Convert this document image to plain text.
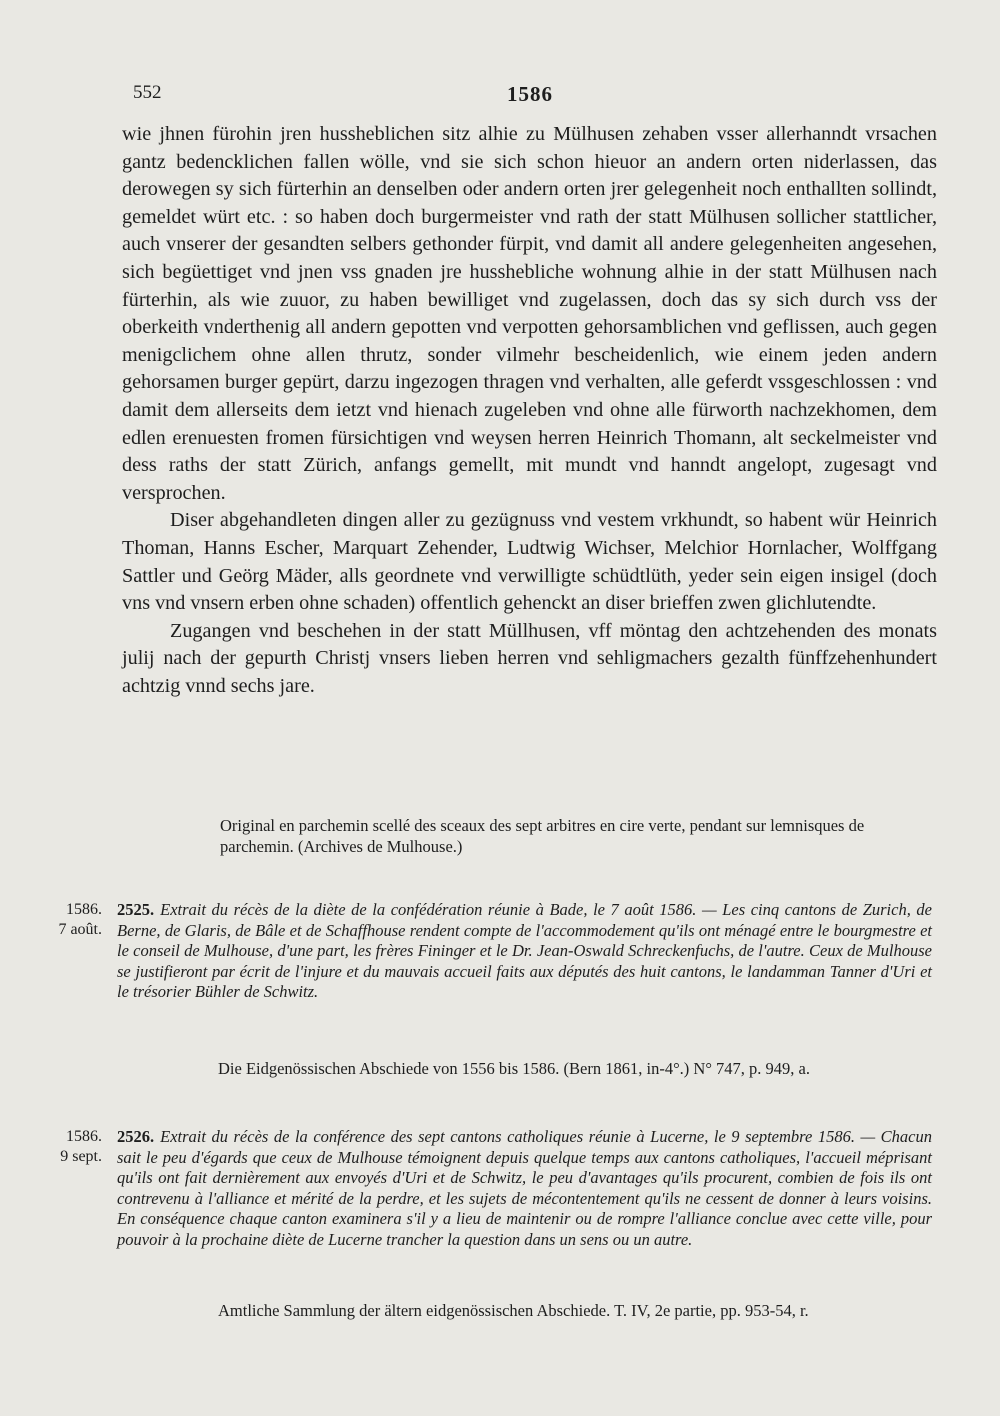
552	1586

wie jhnen fürohin jren husshеblichen sitz alhie zu Mülhusen zehaben vsser allerhanndt vrsachen gantz bedencklichen fallen wölle, vnd sie sich schon hieuor an andern orten niderlassen, das derowegen sy sich fürterhin an denselben oder andern orten jrer gelegenheit noch enthallten sollindt, gemeldet würt etc. : so haben doch burgermeister vnd rath der statt Mülhusen sollicher stattlicher, auch vnserer der gesandten selbers gethonder fürpit, vnd damit all andere gelegenheiten angesehen, sich begüettiget vnd jnen vss gnaden jre husshebliche wohnung alhie in der statt Mülhusen nach fürterhin, als wie zuuor, zu haben bewilliget vnd zugelassen, doch das sy sich durch vss der oberkeith vnderthenig all andern gepotten vnd verpotten gehorsamblichen vnd geflissen, auch gegen menigclichem ohne allen thrutz, sonder vilmehr bescheidenlich, wie einem jeden andern gehorsamen burger gepürt, darzu ingezogen thragen vnd verhalten, alle geferdt vssgeschlossen : vnd damit dem allerseits dem ietzt vnd hienach zugeleben vnd ohne alle fürworth nachzekhomen, dem edlen erenuesten fromen fürsichtigen vnd weysen herren Heinrich Thomann, alt seckelmeister vnd dess raths der statt Zürich, anfangs gemellt, mit mundt vnd hanndt angelopt, zugesagt vnd versprochen.

Diser abgehandleten dingen aller zu gezügnuss vnd vestem vrkhundt, so habent wür Heinrich Thoman, Hanns Escher, Marquart Zehender, Ludtwig Wichser, Melchior Hornlacher, Wolffgang Sattler und Geörg Mäder, alls geordnete vnd verwilligte schüdtlüth, yeder sein eigen insigel (doch vns vnd vnsern erben ohne schaden) offentlich gehenckt an diser brieffen zwen glichlutendte.

Zugangen vnd beschehen in der statt Müllhusen, vff möntag den achtzehenden des monats julij nach der gepurth Christj vnsers lieben herren vnd sehligmachers gezalth fünffzehenhundert achtzig vnnd sechs jare.

Original en parchemin scellé des sceaux des sept arbitres en cire verte, pendant sur lemnisques de parchemin. (Archives de Mulhouse.)
1586.
7 août.
2525. Extrait du récès de la diète de la confédération réunie à Bade, le 7 août 1586. — Les cinq cantons de Zurich, de Berne, de Glaris, de Bâle et de Schaffhouse rendent compte de l'accommodement qu'ils ont ménagé entre le bourgmestre et le conseil de Mulhouse, d'une part, les frères Fininger et le Dr. Jean-Oswald Schreckenfuchs, de l'autre. Ceux de Mulhouse se justifieront par écrit de l'injure et du mauvais accueil faits aux députés des huit cantons, le landamman Tanner d'Uri et le trésorier Bühler de Schwitz.
Die Eidgenössischen Abschiede von 1556 bis 1586. (Bern 1861, in-4°.) N° 747, p. 949, a.
1586.
9 sept.
2526. Extrait du récès de la conférence des sept cantons catholiques réunie à Lucerne, le 9 septembre 1586. — Chacun sait le peu d'égards que ceux de Mulhouse témoignent depuis quelque temps aux cantons catholiques, l'accueil méprisant qu'ils ont fait dernièrement aux envoyés d'Uri et de Schwitz, le peu d'avantages qu'ils procurent, combien de fois ils ont contrevenu à l'alliance et mérité de la perdre, et les sujets de mécontentement qu'ils ne cessent de donner à leurs voisins. En conséquence chaque canton examinera s'il y a lieu de maintenir ou de rompre l'alliance conclue avec cette ville, pour pouvoir à la prochaine diète de Lucerne trancher la question dans un sens ou un autre.
Amtliche Sammlung der ältern eidgenössischen Abschiede. T. IV, 2e partie, pp. 953-54, r.
